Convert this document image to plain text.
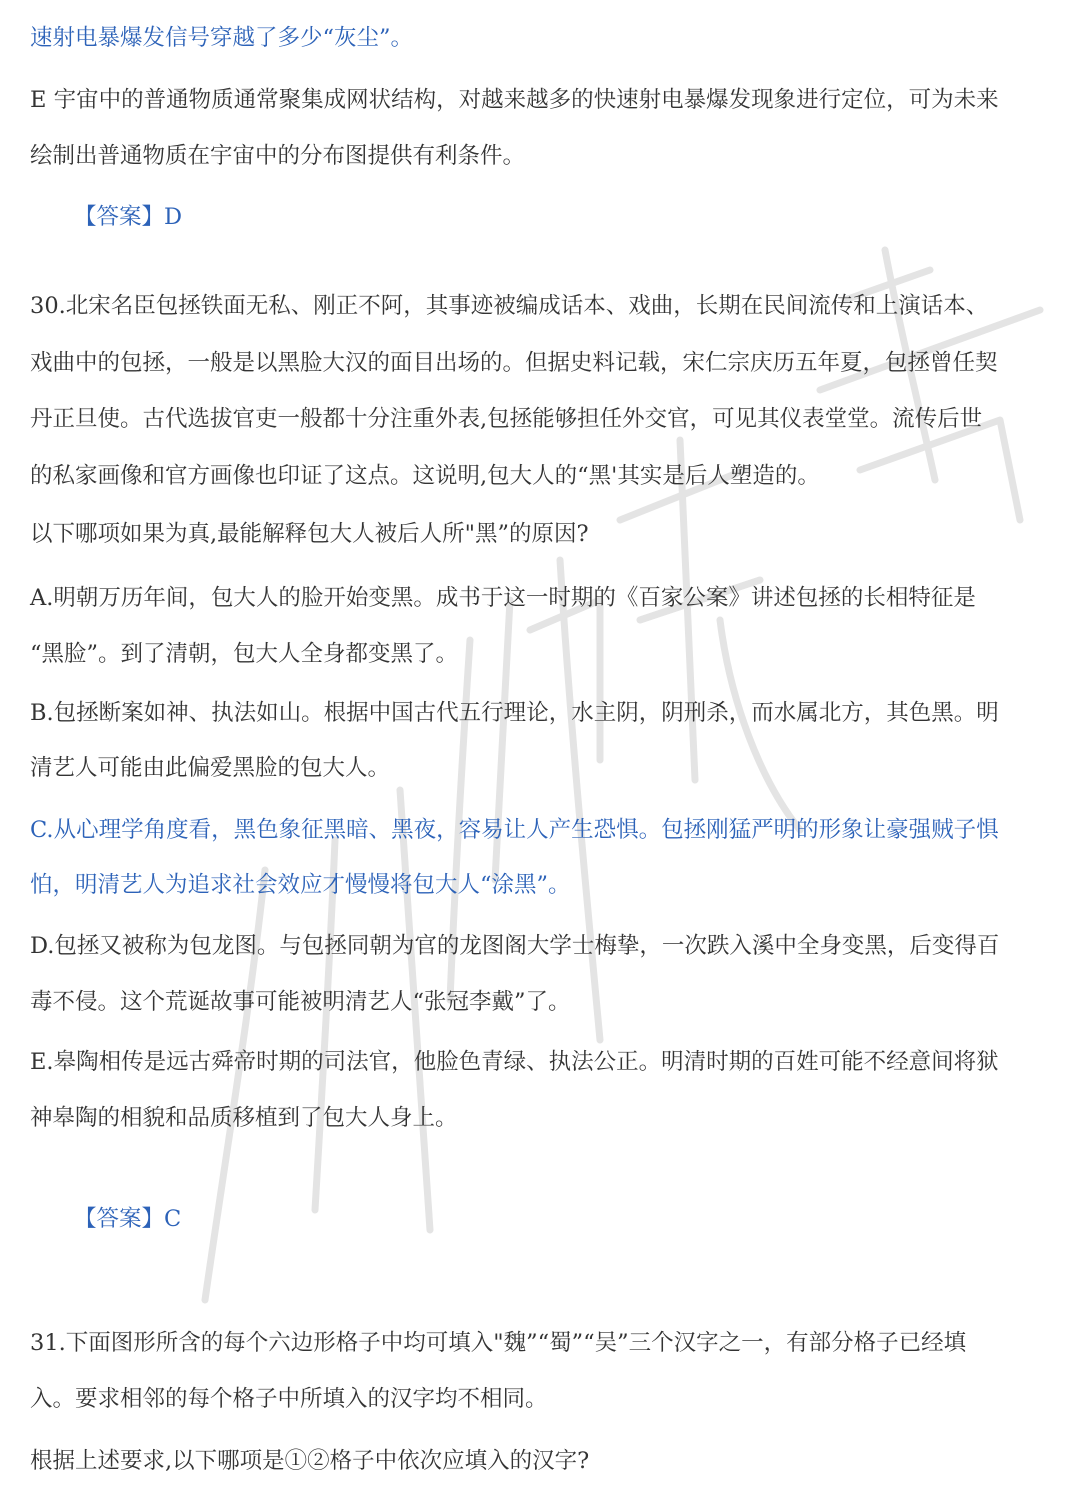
速射电暴爆发信号穿越了多少“灰尘”。
E 宇宙中的普通物质通常聚集成网状结构，对越来越多的快速射电暴爆发现象进行定位，可为未来
绘制出普通物质在宇宙中的分布图提供有利条件。
【答案】D
30.北宋名臣包拯铁面无私、刚正不阿，其事迹被编成话本、戏曲，长期在民间流传和上演话本、
戏曲中的包拯，一般是以黑脸大汉的面目出场的。但据史料记载，宋仁宗庆历五年夏，包拯曾任契
丹正旦使。古代选拔官吏一般都十分注重外表,包拯能够担任外交官，可见其仪表堂堂。流传后世
的私家画像和官方画像也印证了这点。这说明,包大人的“黑'其实是后人塑造的。
以下哪项如果为真,最能解释包大人被后人所"黑”的原因?
A.明朝万历年间，包大人的脸开始变黑。成书于这一时期的《百家公案》讲述包拯的长相特征是
“黑脸”。到了清朝，包大人全身都变黑了。
B.包拯断案如神、执法如山。根据中国古代五行理论，水主阴，阴刑杀，而水属北方，其色黑。明
清艺人可能由此偏爱黑脸的包大人。
C.从心理学角度看，黑色象征黑暗、黑夜，容易让人产生恐惧。包拯刚猛严明的形象让豪强贼子惧
怕，明清艺人为追求社会效应才慢慢将包大人“涂黑”。
D.包拯又被称为包龙图。与包拯同朝为官的龙图阁大学士梅挚，一次跌入溪中全身变黑，后变得百
毒不侵。这个荒诞故事可能被明清艺人“张冠李戴”了。
E.皋陶相传是远古舜帝时期的司法官，他脸色青绿、执法公正。明清时期的百姓可能不经意间将狱
神皋陶的相貌和品质移植到了包大人身上。
【答案】C
31.下面图形所含的每个六边形格子中均可填入"魏”“蜀”“吴”三个汉字之一，有部分格子已经填
入。要求相邻的每个格子中所填入的汉字均不相同。
根据上述要求,以下哪项是①②格子中依次应填入的汉字?
